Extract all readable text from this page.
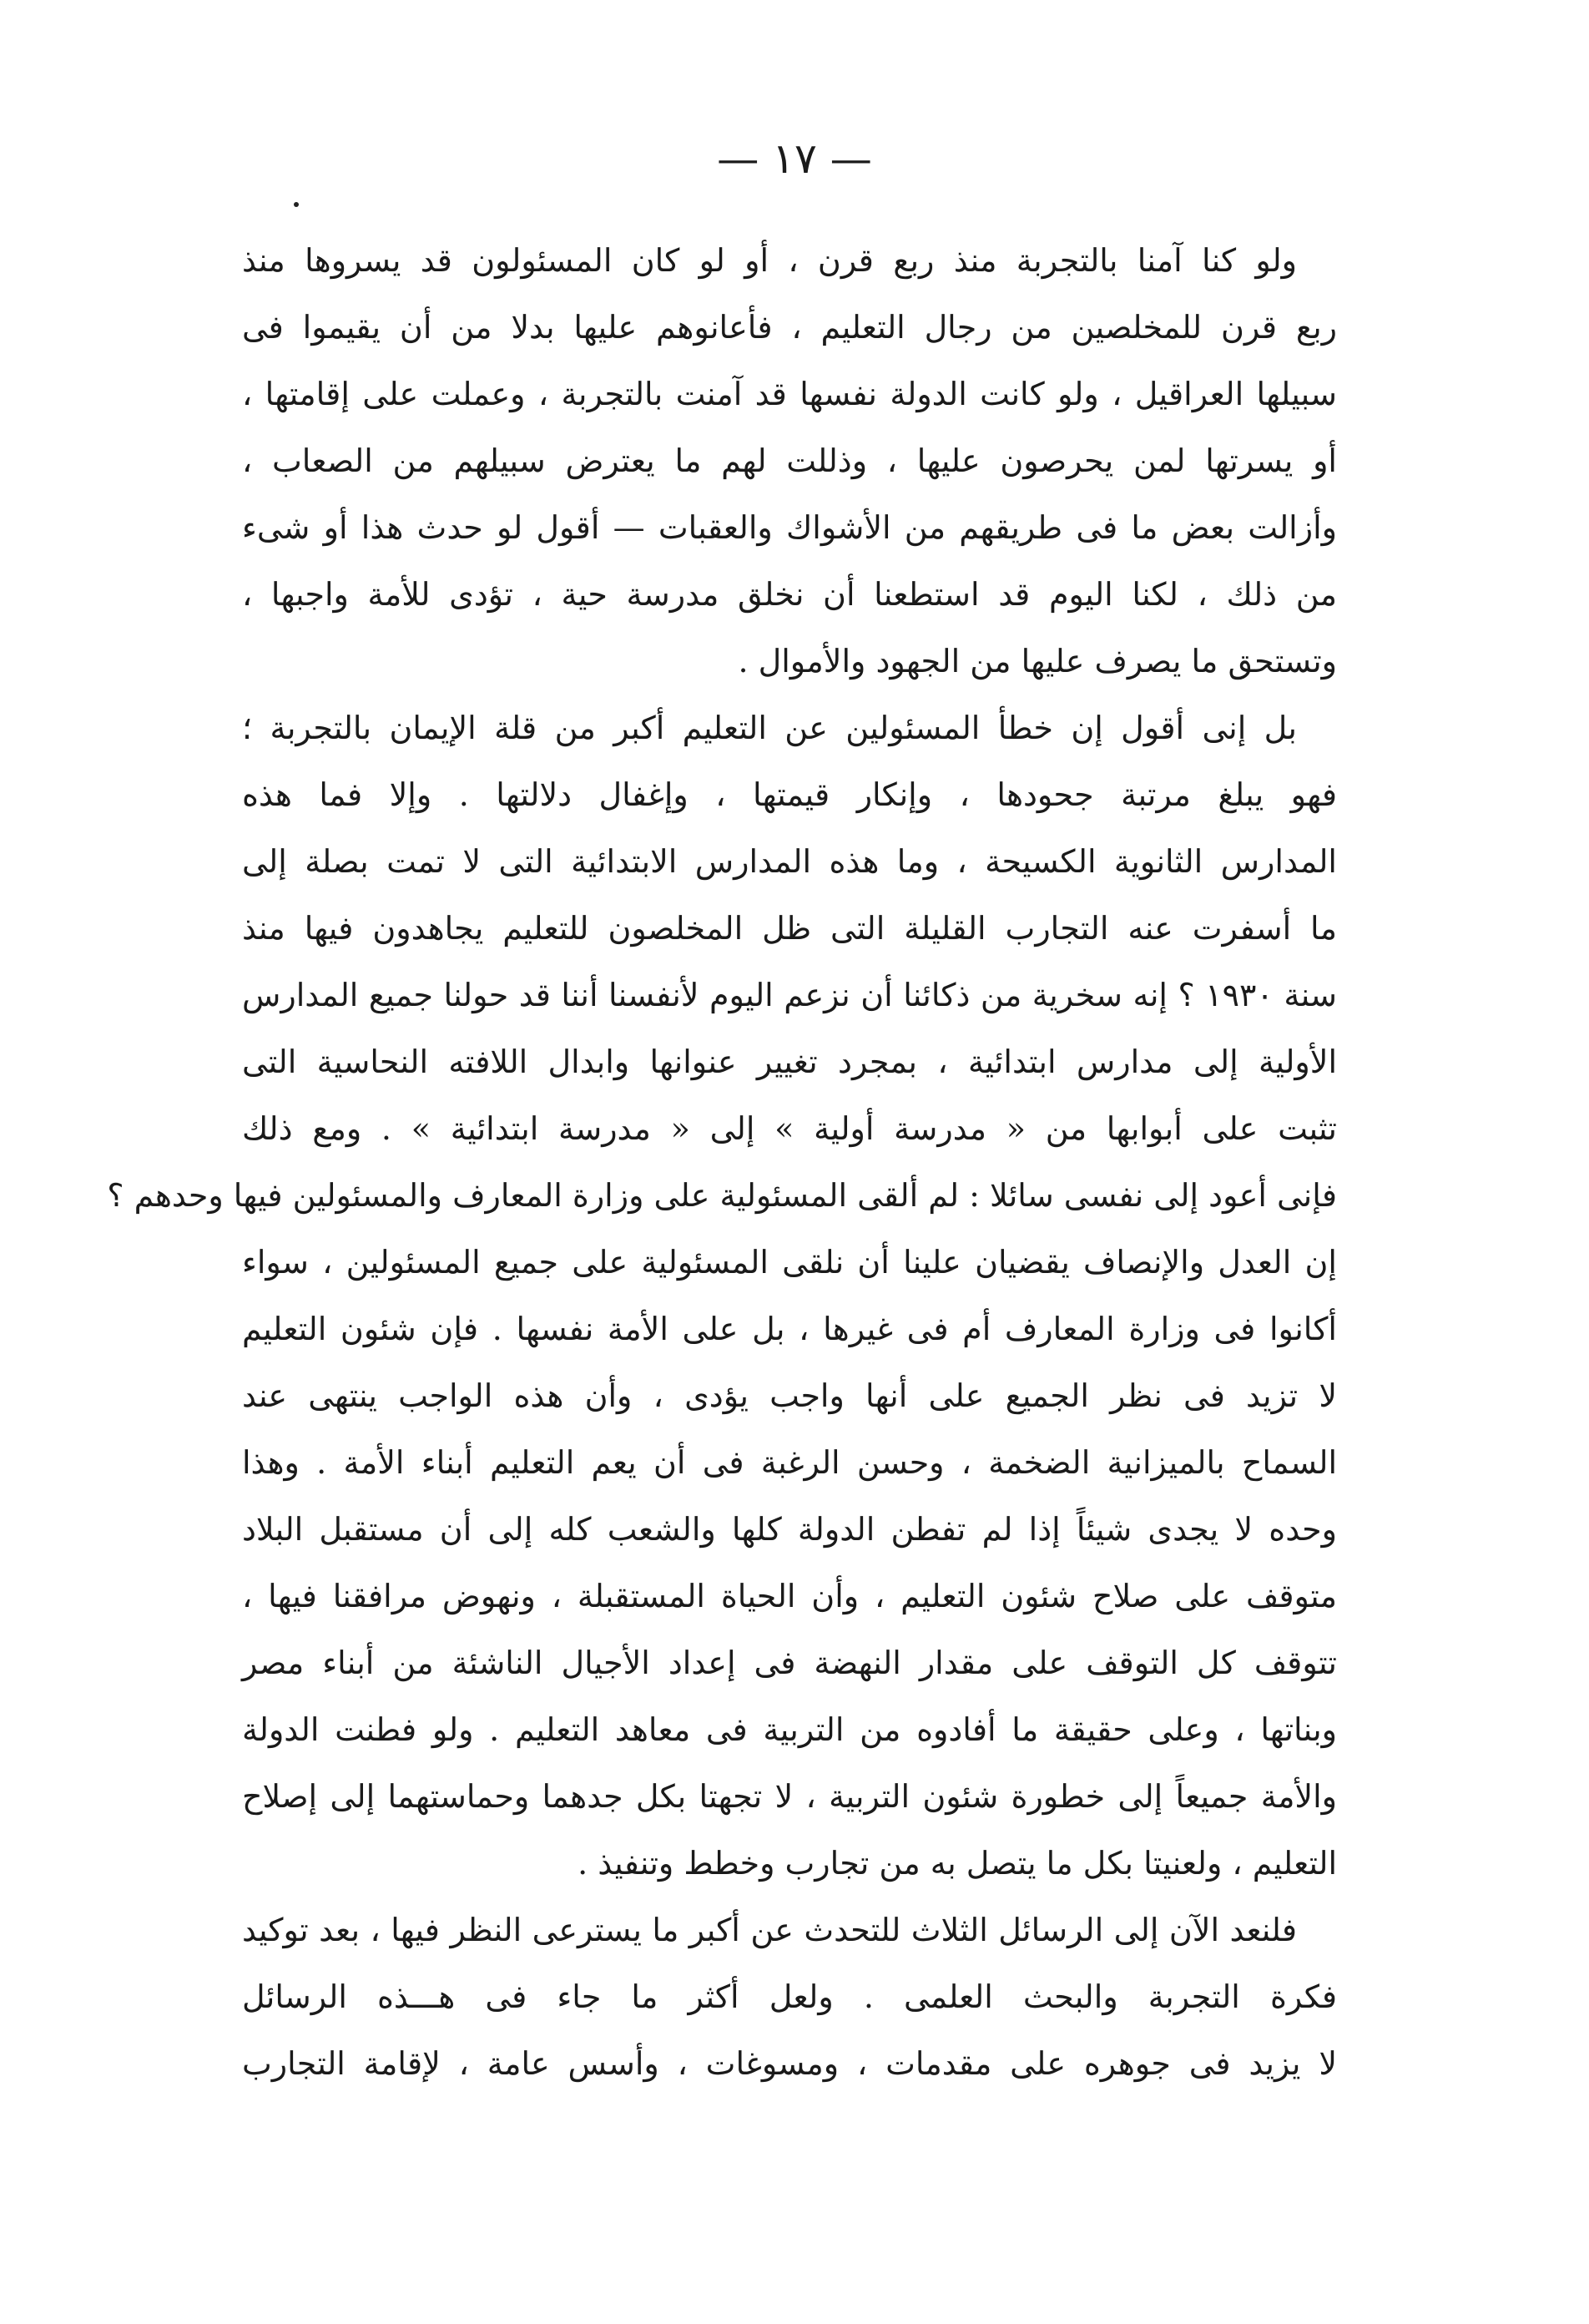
— ١٧ —
ولو كنا آمنا بالتجربة منذ ربع قرن ، أو لو كان المسئولون قد يسروها منذ
ربع قرن للمخلصين من رجال التعليم ، فأعانوهم عليها بدلا من أن يقيموا فى
سبيلها العراقيل ، ولو كانت الدولة نفسها قد آمنت بالتجربة ، وعملت على إقامتها ،
أو يسرتها لمن يحرصون عليها ، وذللت لهم ما يعترض سبيلهم من الصعاب ،
وأزالت بعض ما فى طريقهم من الأشواك والعقبات — أقول لو حدث هذا أو شىء
من ذلك ، لكنا اليوم قد استطعنا أن نخلق مدرسة حية ، تؤدى للأمة واجبها ،
وتستحق ما يصرف عليها من الجهود والأموال .
بل إنى أقول إن خطأ المسئولين عن التعليم أكبر من قلة الإيمان بالتجربة ؛
فهو يبلغ مرتبة جحودها ، وإنكار قيمتها ، وإغفال دلالتها . وإلا فما هذه
المدارس الثانوية الكسيحة ، وما هذه المدارس الابتدائية التى لا تمت بصلة إلى
ما أسفرت عنه التجارب القليلة التى ظل المخلصون للتعليم يجاهدون فيها منذ
سنة ١٩٣٠ ؟ إنه سخرية من ذكائنا أن نزعم اليوم لأنفسنا أننا قد حولنا جميع المدارس
الأولية إلى مدارس ابتدائية ، بمجرد تغيير عنوانها وابدال اللافته النحاسية التى
تثبت على أبوابها من « مدرسة أولية » إلى « مدرسة ابتدائية » . ومع ذلك
فإنى أعود إلى نفسى سائلا : لم ألقى المسئولية على وزارة المعارف والمسئولين فيها وحدهم ؟
إن العدل والإنصاف يقضيان علينا أن نلقى المسئولية على جميع المسئولين ، سواء
أكانوا فى وزارة المعارف أم فى غيرها ، بل على الأمة نفسها . فإن شئون التعليم
لا تزيد فى نظر الجميع على أنها واجب يؤدى ، وأن هذه الواجب ينتهى عند
السماح بالميزانية الضخمة ، وحسن الرغبة فى أن يعم التعليم أبناء الأمة . وهذا
وحده لا يجدى شيئاً إذا لم تفطن الدولة كلها والشعب كله إلى أن مستقبل البلاد
متوقف على صلاح شئون التعليم ، وأن الحياة المستقبلة ، ونهوض مرافقنا فيها ،
تتوقف كل التوقف على مقدار النهضة فى إعداد الأجيال الناشئة من أبناء مصر
وبناتها ، وعلى حقيقة ما أفادوه من التربية فى معاهد التعليم . ولو فطنت الدولة
والأمة جميعاً إلى خطورة شئون التربية ، لا تجهتا بكل جدهما وحماستهما إلى إصلاح
التعليم ، ولعنيتا بكل ما يتصل به من تجارب وخطط وتنفيذ .
فلنعد الآن إلى الرسائل الثلاث للتحدث عن أكبر ما يسترعى النظر فيها ، بعد توكيد
فكرة التجربة والبحث العلمى . ولعل أكثر ما جاء فى هـــذه الرسائل
لا يزيد فى جوهره على مقدمات ، ومسوغات ، وأسس عامة ، لإقامة التجارب
